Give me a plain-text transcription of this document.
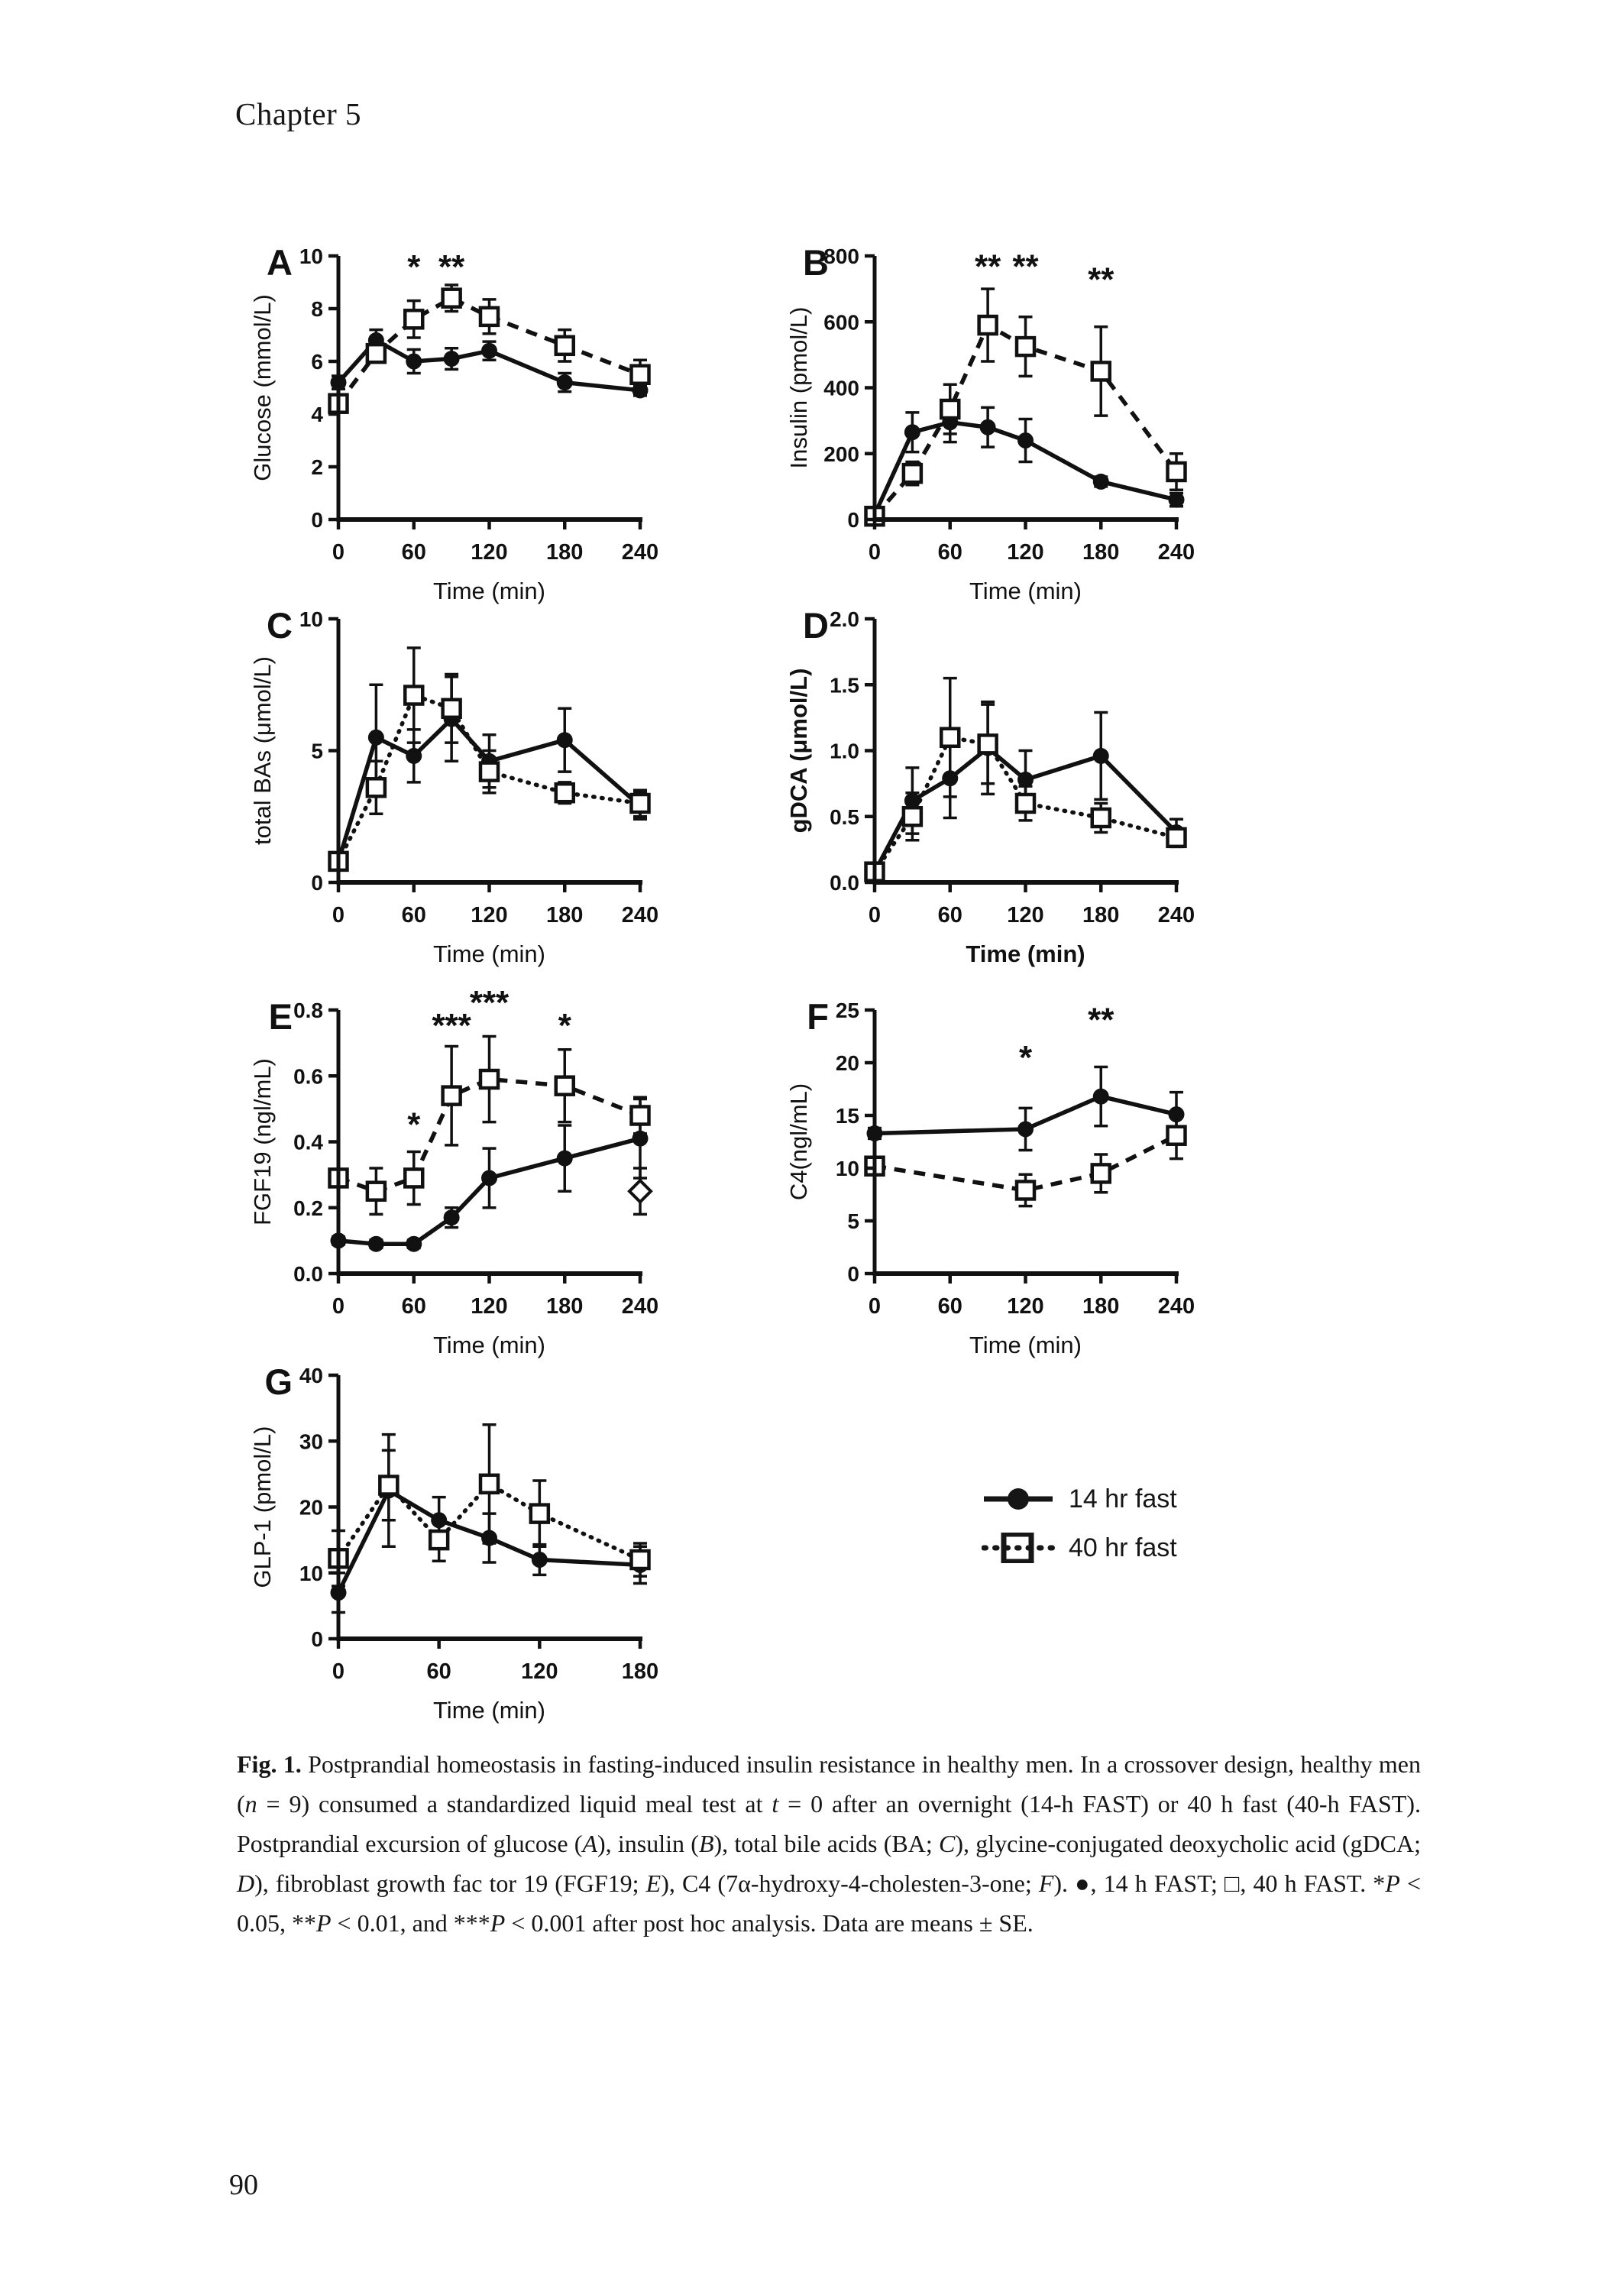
Chapter 5
0
2
4
6
8
10
0	60 120 180 240
A
Glucose (mmol/L)
Time (min)
* **
0
200
400
600
800
0	60 120 180 240
B
Insulin (pmol/L)
Time (min)
** ** **
0
5
10
0	60 120 180 240
C
total BAs (μmol/L)
Time (min)
0.0
0.5
1.0
1.5
2.0
0	60 120 180 240
D
gDCA (μmol/L)
Time (min)
0.0
0.2
0.4
0.6
0.8
0	60 120 180 240
E
FGF19 (ngl/mL)
Time (min)
*
***
***
*
0
5
10
15
20
25
0	60 120 180 240
F
C4(ngl/mL)
Time (min)
*
**
0
10
20
30
40
0	60	120	180
G
GLP-1 (pmol/L)
Time (min)
14 hr fast
40 hr fast
Fig. 1. Postprandial homeostasis in fasting-induced insulin resistance in healthy men. In a crossover design, healthy men (n = 9) consumed a standardized liquid meal test at t = 0 after an overnight (14-h FAST) or 40 h fast (40-h FAST). Postprandial excursion of glucose (A), insulin (B), total bile acids (BA; C), glycine-conjugated deoxycholic acid (gDCA; D), fibroblast growth fac tor 19 (FGF19; E), C4 (7α-hydroxy-4-cholesten-3-one; F). ●, 14 h FAST; □, 40 h FAST. *P < 0.05, **P < 0.01, and ***P < 0.001 after post hoc analysis. Data are means ± SE.
90
